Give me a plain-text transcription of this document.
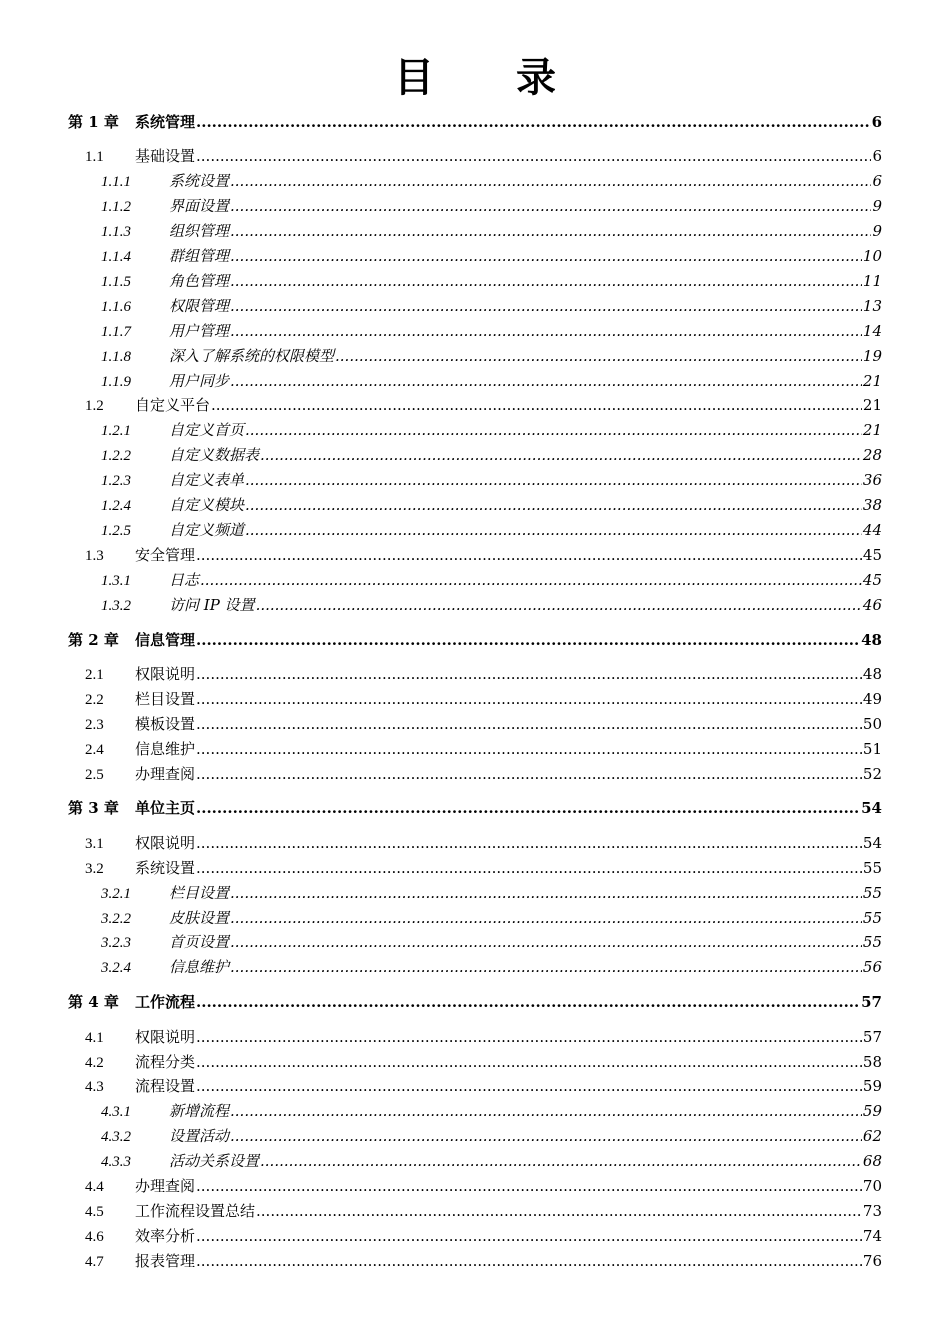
目 录
第 1 章	系统管理 .....	6
1.1	基础设置 .....	6
1.1.1	系统设置 .....	6
1.1.2	界面设置 .....	9
1.1.3	组织管理 .....	9
1.1.4	群组管理 .....	10
1.1.5	角色管理 .....	11
1.1.6	权限管理 .....	13
1.1.7	用户管理 .....	14
1.1.8	深入了解系统的权限模型 .....	19
1.1.9	用户同步 .....	21
1.2	自定义平台 .....	21
1.2.1	自定义首页 .....	21
1.2.2	自定义数据表 .....	28
1.2.3	自定义表单 .....	36
1.2.4	自定义模块 .....	38
1.2.5	自定义频道 .....	44
1.3	安全管理 .....	45
1.3.1	日志 .....	45
1.3.2	访问 IP 设置 .....	46
第 2 章	信息管理 .....	48
2.1	权限说明 .....	48
2.2	栏目设置 .....	49
2.3	模板设置 .....	50
2.4	信息维护 .....	51
2.5	办理查阅 .....	52
第 3 章	单位主页 .....	54
3.1	权限说明 .....	54
3.2	系统设置 .....	55
3.2.1	栏目设置 .....	55
3.2.2	皮肤设置 .....	55
3.2.3	首页设置 .....	55
3.2.4	信息维护 .....	56
第 4 章	工作流程 .....	57
4.1	权限说明 .....	57
4.2	流程分类 .....	58
4.3	流程设置 .....	59
4.3.1	新增流程 .....	59
4.3.2	设置活动 .....	62
4.3.3	活动关系设置 .....	68
4.4	办理查阅 .....	70
4.5	工作流程设置总结 .....	73
4.6	效率分析 .....	74
4.7	报表管理 .....	76
